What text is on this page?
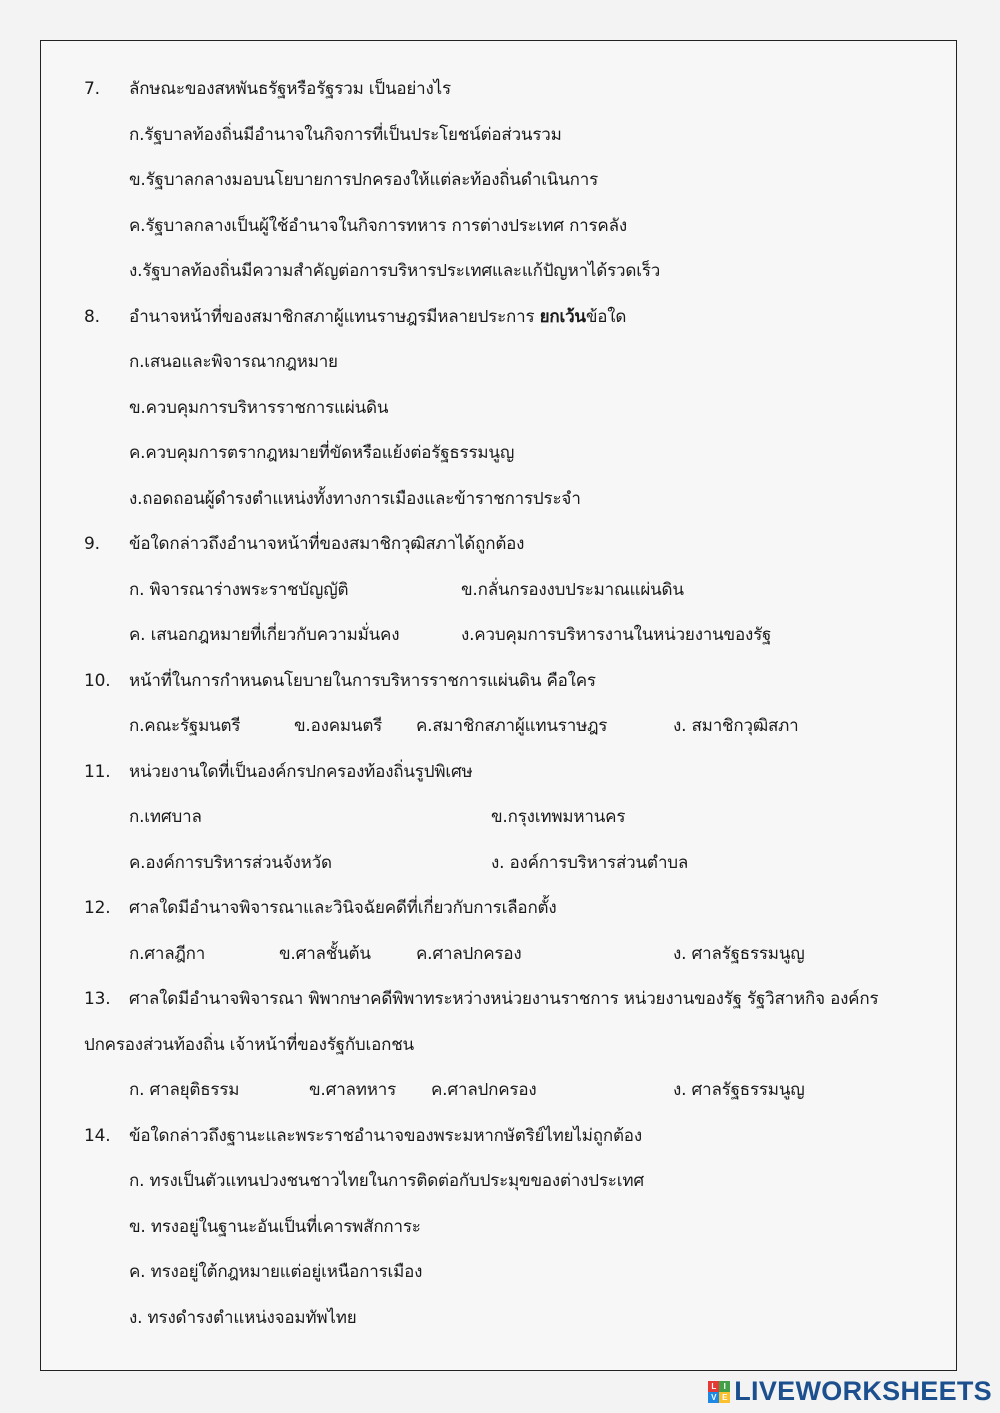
7. ลักษณะของสหพันธรัฐหรือรัฐรวม เป็นอย่างไร
ก.รัฐบาลท้องถิ่นมีอำนาจในกิจการที่เป็นประโยชน์ต่อส่วนรวม
ข.รัฐบาลกลางมอบนโยบายการปกครองให้แต่ละท้องถิ่นดำเนินการ
ค.รัฐบาลกลางเป็นผู้ใช้อำนาจในกิจการทหาร การต่างประเทศ การคลัง
ง.รัฐบาลท้องถิ่นมีความสำคัญต่อการบริหารประเทศและแก้ปัญหาได้รวดเร็ว
8. อำนาจหน้าที่ของสมาชิกสภาผู้แทนราษฎรมีหลายประการ ยกเว้นข้อใด
ก.เสนอและพิจารณากฎหมาย
ข.ควบคุมการบริหารราชการแผ่นดิน
ค.ควบคุมการตรากฎหมายที่ขัดหรือแย้งต่อรัฐธรรมนูญ
ง.ถอดถอนผู้ดำรงตำแหน่งทั้งทางการเมืองและข้าราชการประจำ
9. ข้อใดกล่าวถึงอำนาจหน้าที่ของสมาชิกวุฒิสภาได้ถูกต้อง
ก. พิจารณาร่างพระราชบัญญัติ	ข.กลั่นกรองงบประมาณแผ่นดิน
ค. เสนอกฎหมายที่เกี่ยวกับความมั่นคง	ง.ควบคุมการบริหารงานในหน่วยงานของรัฐ
10. หน้าที่ในการกำหนดนโยบายในการบริหารราชการแผ่นดิน คือใคร
ก.คณะรัฐมนตรี	ข.องคมนตรี ค.สมาชิกสภาผู้แทนราษฎร	ง. สมาชิกวุฒิสภา
11. หน่วยงานใดที่เป็นองค์กรปกครองท้องถิ่นรูปพิเศษ
ก.เทศบาล	ข.กรุงเทพมหานคร
ค.องค์การบริหารส่วนจังหวัด	ง. องค์การบริหารส่วนตำบล
12. ศาลใดมีอำนาจพิจารณาและวินิจฉัยคดีที่เกี่ยวกับการเลือกตั้ง
ก.ศาลฎีกา	ข.ศาลชั้นต้น	ค.ศาลปกครอง	ง. ศาลรัฐธรรมนูญ
13. ศาลใดมีอำนาจพิจารณา พิพากษาคดีพิพาทระหว่างหน่วยงานราชการ หน่วยงานของรัฐ รัฐวิสาหกิจ องค์กร
ปกครองส่วนท้องถิ่น เจ้าหน้าที่ของรัฐกับเอกชน
ก. ศาลยุติธรรม	ข.ศาลทหาร ค.ศาลปกครอง	ง. ศาลรัฐธรรมนูญ
14. ข้อใดกล่าวถึงฐานะและพระราชอำนาจของพระมหากษัตริย์ไทยไม่ถูกต้อง
ก. ทรงเป็นตัวแทนปวงชนชาวไทยในการติดต่อกับประมุขของต่างประเทศ
ข. ทรงอยู่ในฐานะอันเป็นที่เคารพสักการะ
ค. ทรงอยู่ใต้กฎหมายแต่อยู่เหนือการเมือง
ง. ทรงดำรงตำแหน่งจอมทัพไทย
L I
V E LIVEWORKSHEETS
